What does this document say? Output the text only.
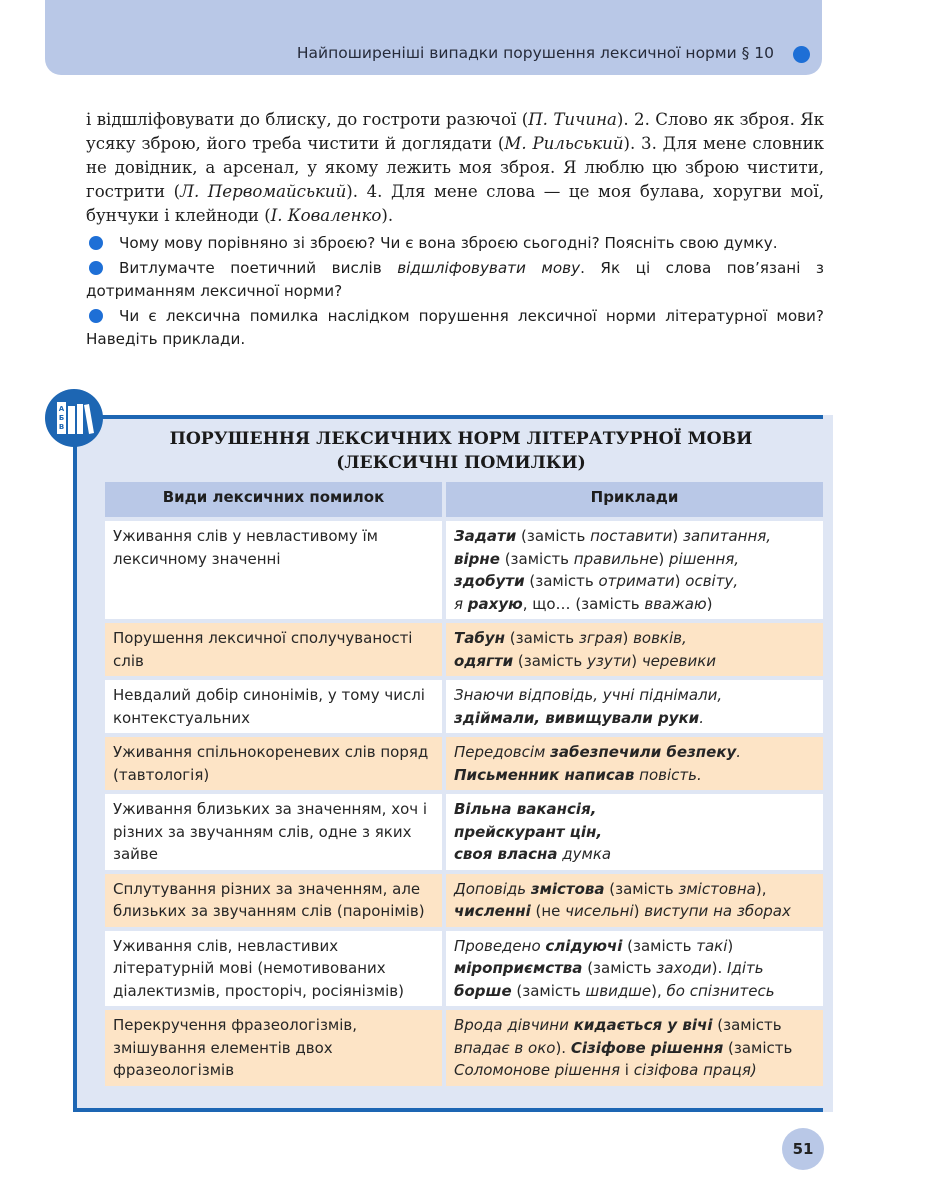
Найпоширеніші випадки порушення лексичної норми § 10
і відшліфовувати до блиску, до гостроти разючої (П. Тичина). 2. Слово як зброя. Як усяку зброю, його треба чистити й доглядати (М. Рильський). 3. Для мене словник не довідник, а арсенал, у якому лежить моя зброя. Я люблю цю зброю чистити, гострити (Л. Первомайський). 4. Для мене слова — це моя булава, хоругви мої, бунчуки і клейноди (І. Коваленко).
Чому мову порівняно зі зброєю? Чи є вона зброєю сьогодні? Поясніть свою думку.
Витлумачте поетичний вислів відшліфовувати мову. Як ці слова пов’язані з дотриманням лексичної норми?
Чи є лексична помилка наслідком порушення лексичної норми літературної мови? Наведіть приклади.
А
Б
В
ПОРУШЕННЯ ЛЕКСИЧНИХ НОРМ ЛІТЕРАТУРНОЇ МОВИ
(ЛЕКСИЧНІ ПОМИЛКИ)
Види лексичних помилок	Приклади
Уживання слів у невластивому їм лексичному значенні	Задати (замість поставити) запитання,
вірне (замість правильне) рішення,
здобути (замість отримати) освіту,
я рахую, що… (замість вважаю)
Порушення лексичної сполучуваності слів	Табун (замість зграя) вовків,
одягти (замість узути) черевики
Невдалий добір синонімів, у тому числі контекстуальних	Знаючи відповідь, учні піднімали,
здіймали, вивищували руки.
Уживання спільнокореневих слів поряд (тавтологія)	Передовсім забезпечили безпеку.
Письменник написав повість.
Уживання близьких за значенням, хоч і різних за звучанням слів, одне з яких зайве	Вільна вакансія,
прейскурант цін,
своя власна думка
Сплутування різних за значенням, але близьких за звучанням слів (паронімів)	Доповідь змістова (замість змістовна),
численні (не чисельні) виступи на зборах
Уживання слів, невластивих літературній мові (немотивованих діалектизмів, просторіч, росіянізмів)	Проведено слідуючі (замість такі) міроприємства (замість заходи). Ідіть борше (замість швидше), бо спізнитесь
Перекручення фразеологізмів, змішування елементів двох фразеологізмів	Врода дівчини кидається у вічі (замість впадає в око). Сізіфове рішення (замість Соломонове рішення і сізіфова праця)
51
